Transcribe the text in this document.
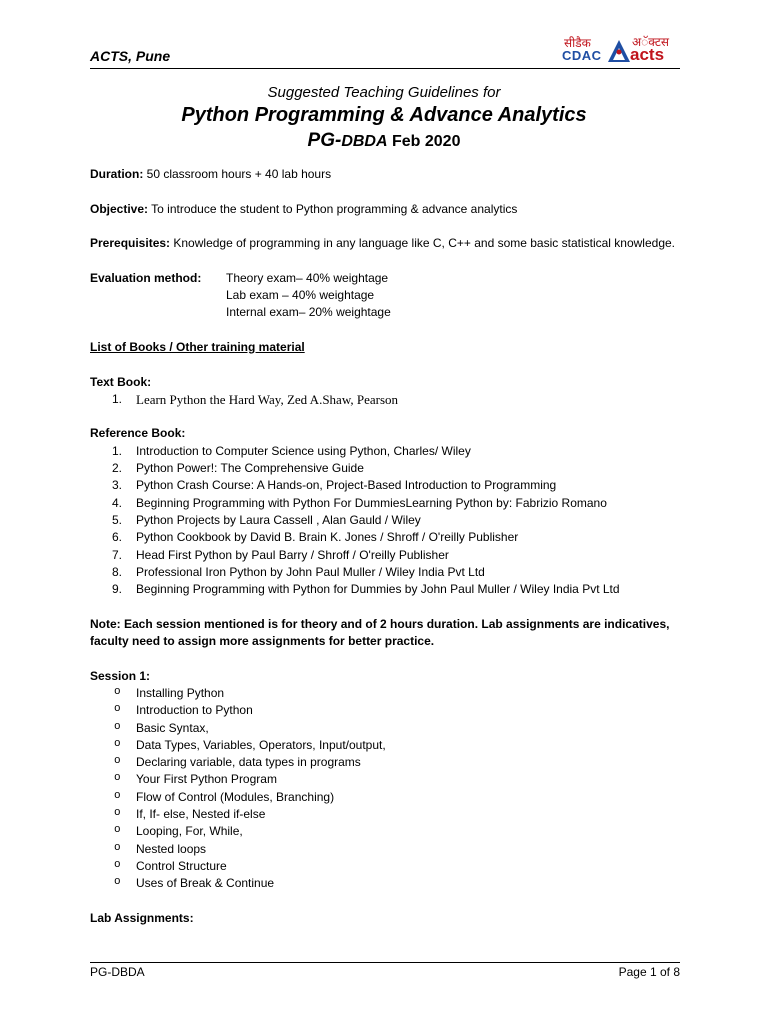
ACTS, Pune
सीडैक
CDAC
अॅक्टस
acts

Suggested Teaching Guidelines for

Python Programming & Advance Analytics

PG-DBDA Feb 2020

Duration: 50 classroom hours + 40 lab hours

Objective: To introduce the student to Python programming & advance analytics

Prerequisites: Knowledge of programming in any language like C, C++ and some basic statistical knowledge.

Evaluation method:	Theory exam– 40% weightage
Lab exam – 40% weightage
Internal exam– 20% weightage

List of Books / Other training material

Text Book:

1. Learn Python the Hard Way, Zed A.Shaw, Pearson

Reference Book:

1. Introduction to Computer Science using Python, Charles/ Wiley
2. Python Power!: The Comprehensive Guide
3. Python Crash Course: A Hands-on, Project-Based Introduction to Programming
4. Beginning Programming with Python For DummiesLearning Python by: Fabrizio Romano
5. Python Projects by Laura Cassell , Alan Gauld / Wiley
6. Python Cookbook by David B. Brain K. Jones / Shroff / O'reilly Publisher
7. Head First Python by Paul Barry / Shroff / O'reilly Publisher
8. Professional Iron Python by John Paul Muller / Wiley India Pvt Ltd
9. Beginning Programming with Python for Dummies by John Paul Muller / Wiley India Pvt Ltd

Note: Each session mentioned is for theory and of 2 hours duration. Lab assignments are indicatives, faculty need to assign more assignments for better practice.

Session 1:

o Installing Python
o Introduction to Python
o Basic Syntax,
o Data Types, Variables, Operators, Input/output,
o Declaring variable, data types in programs
o Your First Python Program
o Flow of Control (Modules, Branching)
o If, If- else, Nested if-else
o Looping, For, While,
o Nested loops
o Control Structure
o Uses of Break & Continue

Lab Assignments:

PG-DBDA	Page 1 of 8
